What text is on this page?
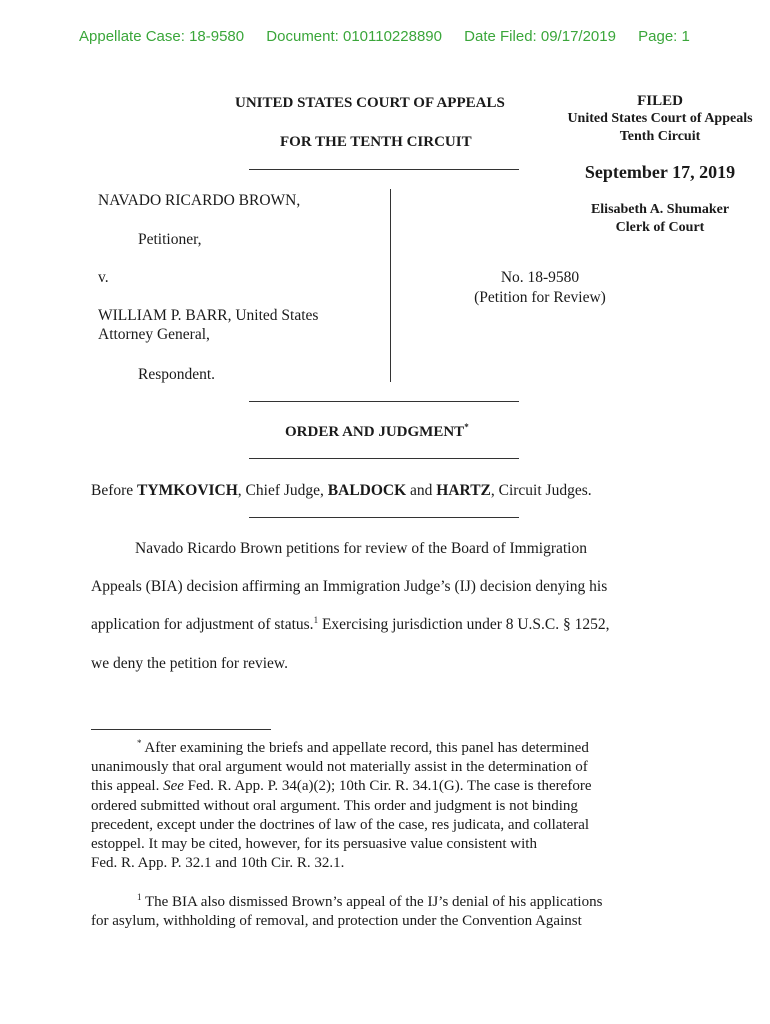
Appellate Case: 18-9580 Document: 010110228890 Date Filed: 09/17/2019 Page: 1
UNITED STATES COURT OF APPEALS
FOR THE TENTH CIRCUIT
FILED
United States Court of Appeals
Tenth Circuit
September 17, 2019
Elisabeth A. Shumaker
Clerk of Court
NAVADO RICARDO BROWN,
Petitioner,
v.
WILLIAM P. BARR, United States
Attorney General,
Respondent.
No. 18-9580
(Petition for Review)
ORDER AND JUDGMENT*
Before TYMKOVICH, Chief Judge, BALDOCK and HARTZ, Circuit Judges.
Navado Ricardo Brown petitions for review of the Board of Immigration
Appeals (BIA) decision affirming an Immigration Judge’s (IJ) decision denying his
application for adjustment of status.$^1$ Exercising jurisdiction under 8 U.S.C. § 1252,
we deny the petition for review.
* After examining the briefs and appellate record, this panel has determined
unanimously that oral argument would not materially assist in the determination of
this appeal. See Fed. R. App. P. 34(a)(2); 10th Cir. R. 34.1(G). The case is therefore
ordered submitted without oral argument. This order and judgment is not binding
precedent, except under the doctrines of law of the case, res judicata, and collateral
estoppel. It may be cited, however, for its persuasive value consistent with
Fed. R. App. P. 32.1 and 10th Cir. R. 32.1.
$^1$ The BIA also dismissed Brown’s appeal of the IJ’s denial of his applications
for asylum, withholding of removal, and protection under the Convention Against
